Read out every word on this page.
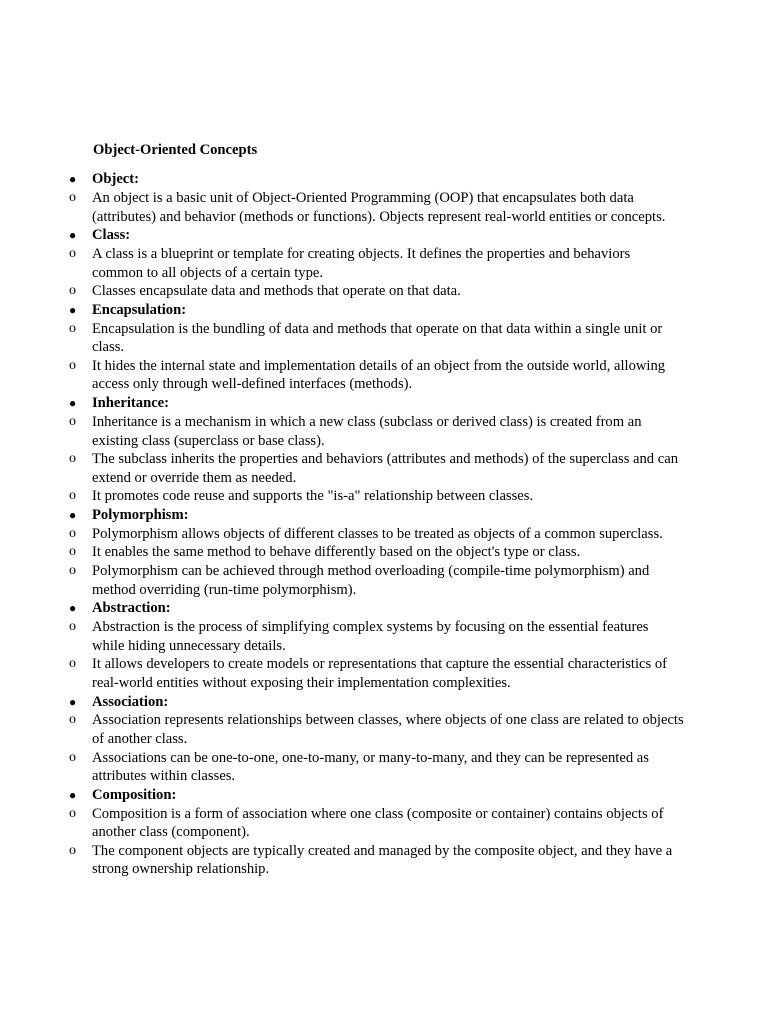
Object-Oriented Concepts
●	Object:
o	An object is a basic unit of Object-Oriented Programming (OOP) that encapsulates both data (attributes) and behavior (methods or functions). Objects represent real-world entities or concepts.
●	Class:
o	A class is a blueprint or template for creating objects. It defines the properties and behaviors common to all objects of a certain type.
o	Classes encapsulate data and methods that operate on that data.
●	Encapsulation:
o	Encapsulation is the bundling of data and methods that operate on that data within a single unit or class.
o	It hides the internal state and implementation details of an object from the outside world, allowing access only through well-defined interfaces (methods).
●	Inheritance:
o	Inheritance is a mechanism in which a new class (subclass or derived class) is created from an existing class (superclass or base class).
o	The subclass inherits the properties and behaviors (attributes and methods) of the superclass and can extend or override them as needed.
o	It promotes code reuse and supports the "is-a" relationship between classes.
●	Polymorphism:
o	Polymorphism allows objects of different classes to be treated as objects of a common superclass.
o	It enables the same method to behave differently based on the object's type or class.
o	Polymorphism can be achieved through method overloading (compile-time polymorphism) and method overriding (run-time polymorphism).
●	Abstraction:
o	Abstraction is the process of simplifying complex systems by focusing on the essential features while hiding unnecessary details.
o	It allows developers to create models or representations that capture the essential characteristics of real-world entities without exposing their implementation complexities.
●	Association:
o	Association represents relationships between classes, where objects of one class are related to objects of another class.
o	Associations can be one-to-one, one-to-many, or many-to-many, and they can be represented as attributes within classes.
●	Composition:
o	Composition is a form of association where one class (composite or container) contains objects of another class (component).
o	The component objects are typically created and managed by the composite object, and they have a strong ownership relationship.
